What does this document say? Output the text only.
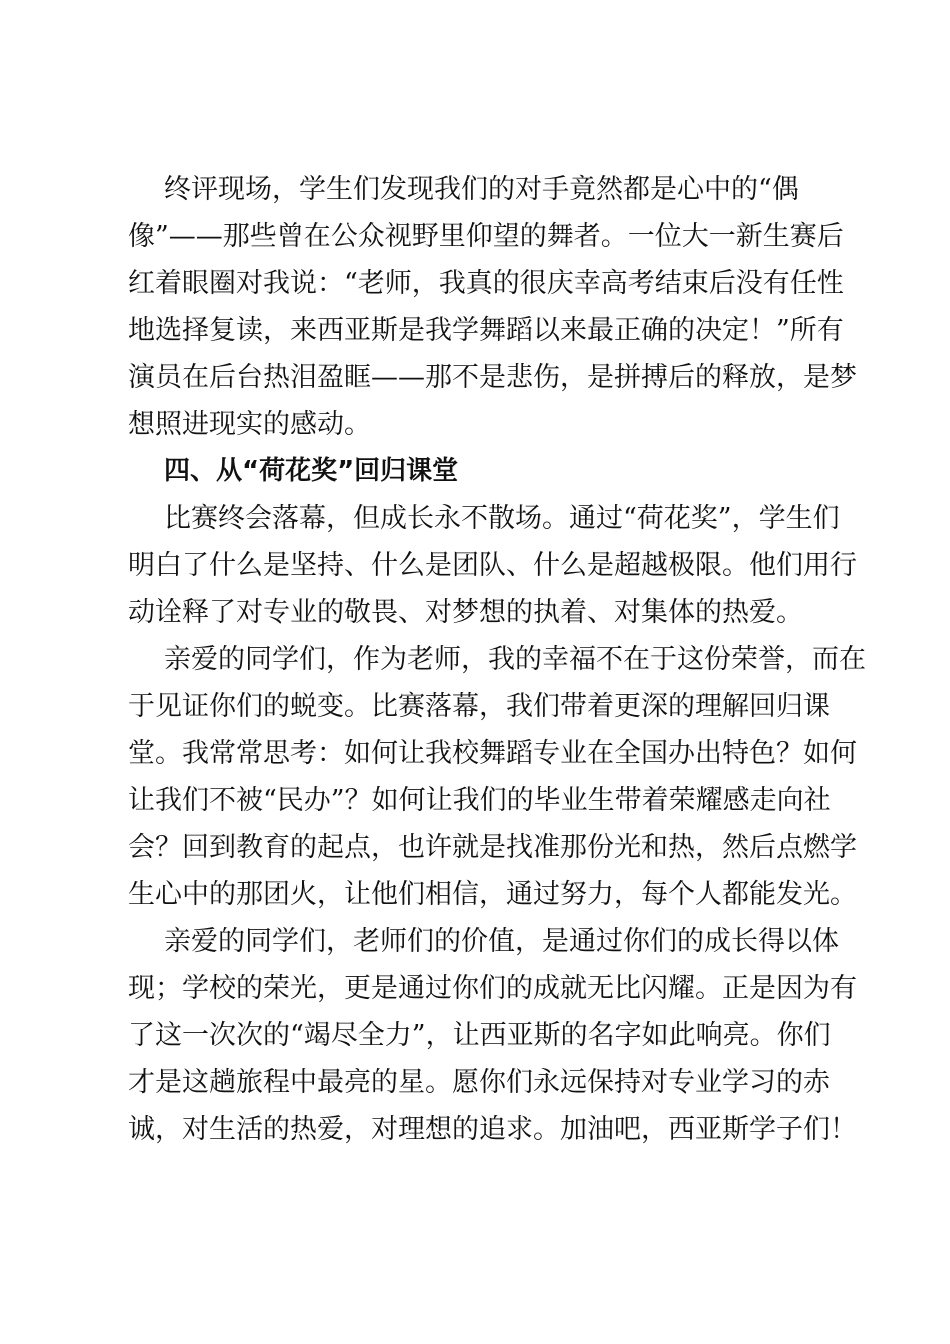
终评现场，学生们发现我们的对手竟然都是心中的“偶
像”——那些曾在公众视野里仰望的舞者。一位大一新生赛后
红着眼圈对我说：“老师，我真的很庆幸高考结束后没有任性
地选择复读，来西亚斯是我学舞蹈以来最正确的决定！”所有
演员在后台热泪盈眶——那不是悲伤，是拼搏后的释放，是梦
想照进现实的感动。
四、从“荷花奖”回归课堂
比赛终会落幕，但成长永不散场。通过“荷花奖”，学生们
明白了什么是坚持、什么是团队、什么是超越极限。他们用行
动诠释了对专业的敬畏、对梦想的执着、对集体的热爱。
亲爱的同学们，作为老师，我的幸福不在于这份荣誉，而在
于见证你们的蜕变。比赛落幕，我们带着更深的理解回归课
堂。我常常思考：如何让我校舞蹈专业在全国办出特色？如何
让我们不被“民办”？如何让我们的毕业生带着荣耀感走向社
会？回到教育的起点，也许就是找准那份光和热，然后点燃学
生心中的那团火，让他们相信，通过努力，每个人都能发光。
亲爱的同学们，老师们的价值，是通过你们的成长得以体
现；学校的荣光，更是通过你们的成就无比闪耀。正是因为有
了这一次次的“竭尽全力”，让西亚斯的名字如此响亮。你们
才是这趟旅程中最亮的星。愿你们永远保持对专业学习的赤
诚，对生活的热爱，对理想的追求。加油吧，西亚斯学子们！
